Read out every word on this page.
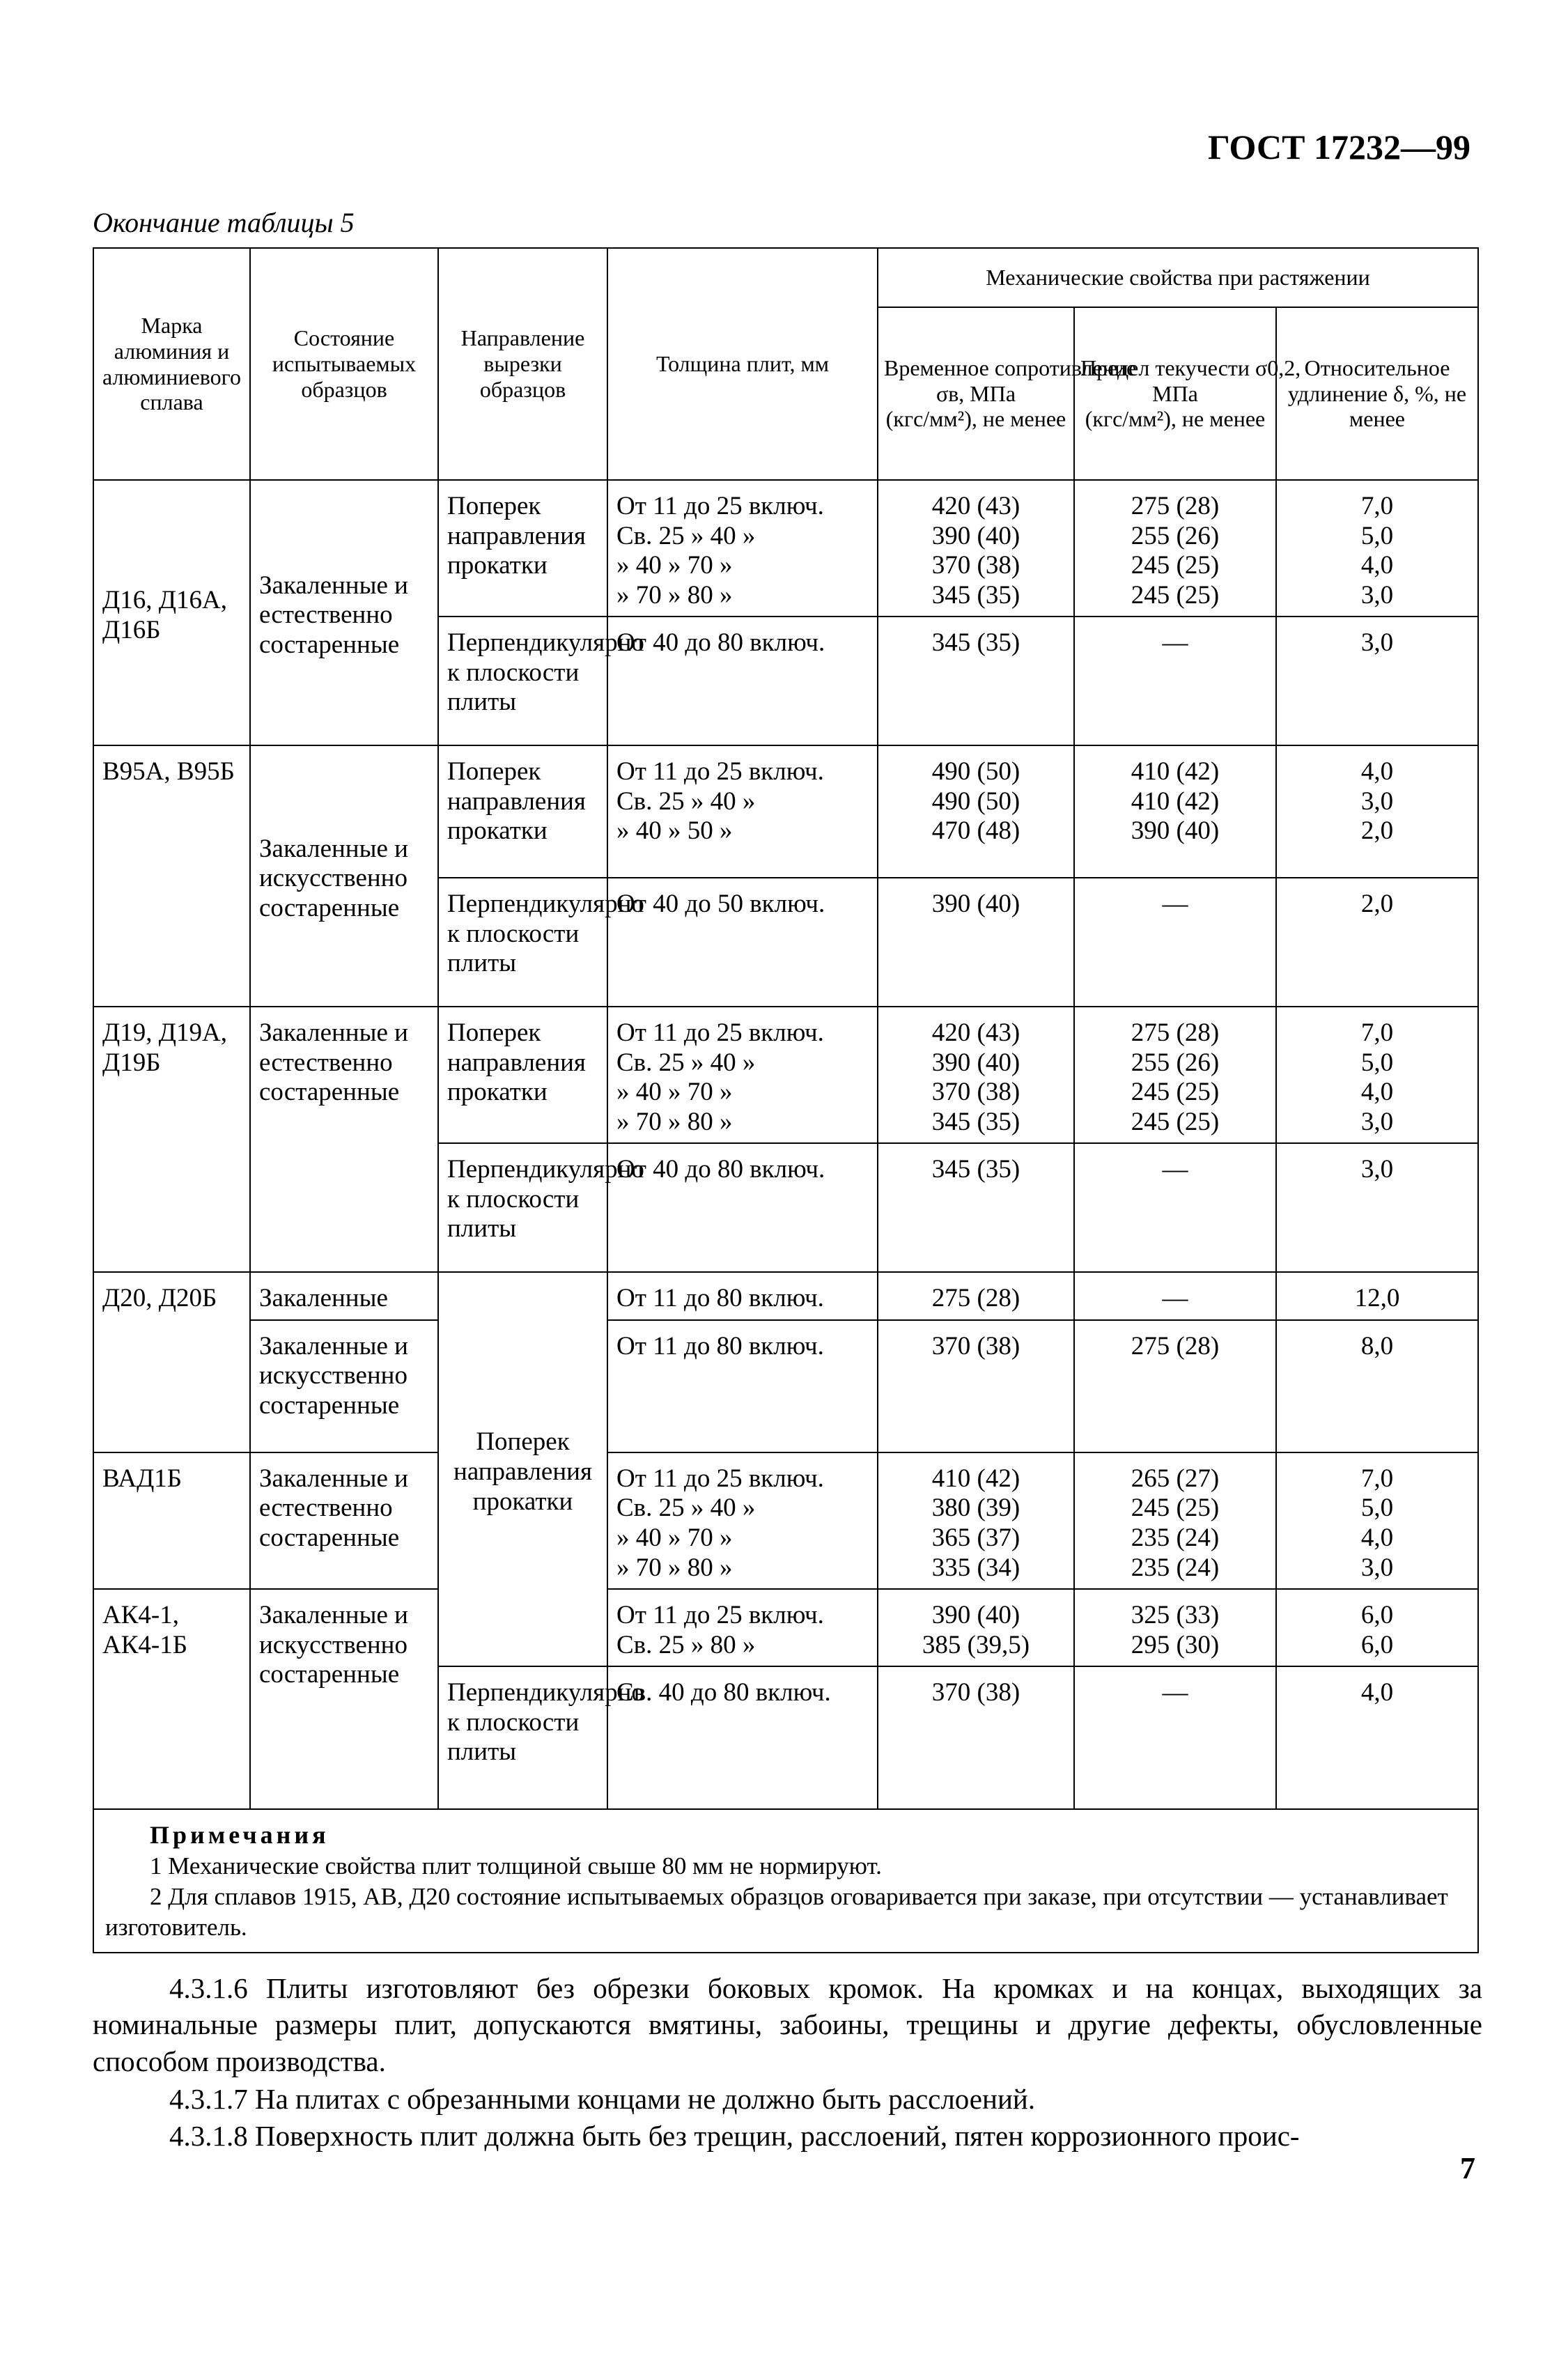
ГОСТ 17232—99
Окончание таблицы 5
Марка алюминия и алюминиевого сплава	Состояние испытываемых образцов	Направление вырезки образцов	Толщина плит, мм	Механические свойства при растяжении		

				Временное сопротивление
σв, МПа
(кгс/мм²), не менее	Предел текучести σ0,2,
МПа
(кгс/мм²), не менее	Относительное удлинение δ, %, не менее
Д16, Д16А, Д16Б	Закаленные и естественно состаренные	Поперек направления прокатки	От 11 до 25 включ.
Св. 25 » 40 »
» 40 » 70 »
» 70 » 80 »	420 (43)
390 (40)
370 (38)
345 (35)	275 (28)
255 (26)
245 (25)
245 (25)	7,0
5,0
4,0
3,0

		Перпендикулярно к плоскости плиты	От 40 до 80 включ.	345 (35)	—	3,0
В95А, В95Б	Закаленные и искусственно состаренные	Поперек направления прокатки	От 11 до 25 включ.
Св. 25 » 40 »
» 40 » 50 »	490 (50)
490 (50)
470 (48)	410 (42)
410 (42)
390 (40)	4,0
3,0
2,0

		Перпендикулярно к плоскости плиты	От 40 до 50 включ.	390 (40)	—	2,0
Д19, Д19А, Д19Б	Закаленные и естественно состаренные	Поперек направления прокатки	От 11 до 25 включ.
Св. 25 » 40 »
» 40 » 70 »
» 70 » 80 »	420 (43)
390 (40)
370 (38)
345 (35)	275 (28)
255 (26)
245 (25)
245 (25)	7,0
5,0
4,0
3,0

		Перпендикулярно к плоскости плиты	От 40 до 80 включ.	345 (35)	—	3,0
Д20, Д20Б	Закаленные	Поперек направления прокатки	От 11 до 80 включ.	275 (28)	—	12,0
	Закаленные и искусственно состаренные		От 11 до 80 включ.	370 (38)	275 (28)	8,0
ВАД1Б	Закаленные и естественно состаренные		От 11 до 25 включ.
Св. 25 » 40 »
» 40 » 70 »
» 70 » 80 »	410 (42)
380 (39)
365 (37)
335 (34)	265 (27)
245 (25)
235 (24)
235 (24)	7,0
5,0
4,0
3,0

АК4-1, АК4-1Б	Закаленные и искусственно состаренные		От 11 до 25 включ.
Св. 25 » 80 »	390 (40)
385 (39,5)	325 (33)
295 (30)	6,0
6,0

		Перпендикулярно к плоскости плиты	Св. 40 до 80 включ.	370 (38)	—	4,0

Примечания
1 Механические свойства плит толщиной свыше 80 мм не нормируют.
2 Для сплавов 1915, АВ, Д20 состояние испытываемых образцов оговаривается при заказе, при отсутствии — устанавливает изготовитель.						
4.3.1.6 Плиты изготовляют без обрезки боковых кромок. На кромках и на концах, выходящих за номинальные размеры плит, допускаются вмятины, забоины, трещины и другие дефекты, обусловленные способом производства.
4.3.1.7 На плитах с обрезанными концами не должно быть расслоений.
4.3.1.8 Поверхность плит должна быть без трещин, расслоений, пятен коррозионного проис-
7
